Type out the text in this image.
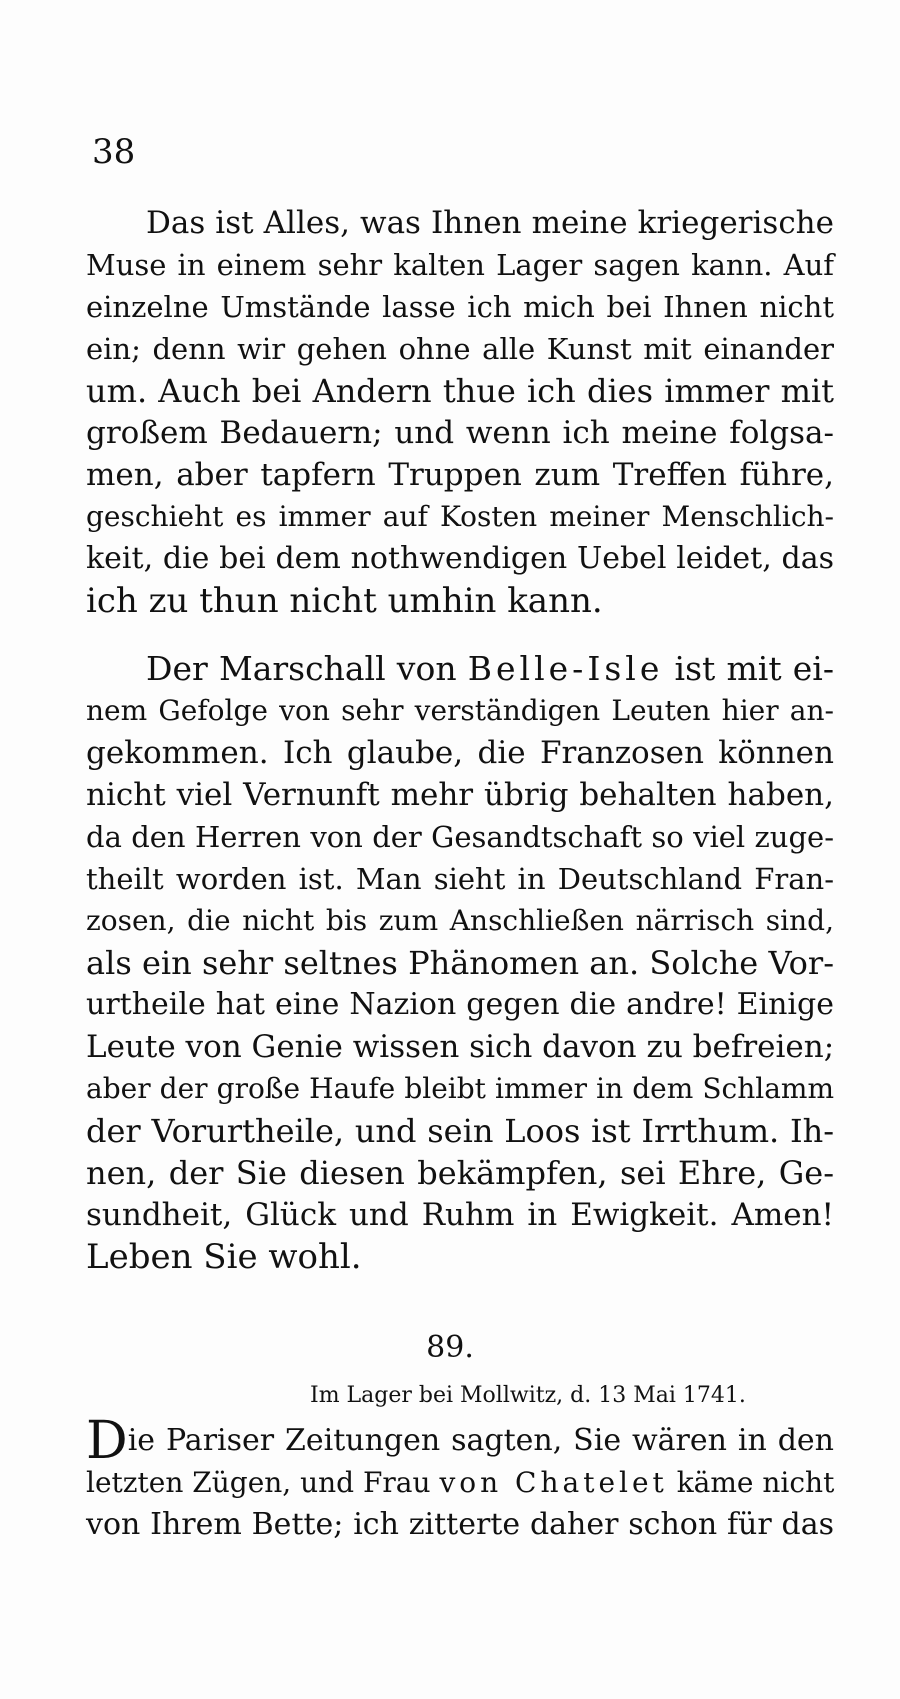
38
Das ist Alles, was Ihnen meine kriegerische
Muse in einem sehr kalten Lager sagen kann. Auf
einzelne Umstände lasse ich mich bei Ihnen nicht
ein; denn wir gehen ohne alle Kunst mit einander
um. Auch bei Andern thue ich dies immer mit
großem Bedauern; und wenn ich meine folgsa-
men, aber tapfern Truppen zum Treffen führe,
geschieht es immer auf Kosten meiner Menschlich-
keit, die bei dem nothwendigen Uebel leidet, das
ich zu thun nicht umhin kann.
Der Marschall von Belle-Isle ist mit ei-
nem Gefolge von sehr verständigen Leuten hier an-
gekommen. Ich glaube, die Franzosen können
nicht viel Vernunft mehr übrig behalten haben,
da den Herren von der Gesandtschaft so viel zuge-
theilt worden ist. Man sieht in Deutschland Fran-
zosen, die nicht bis zum Anschließen närrisch sind,
als ein sehr seltnes Phänomen an. Solche Vor-
urtheile hat eine Nazion gegen die andre! Einige
Leute von Genie wissen sich davon zu befreien;
aber der große Haufe bleibt immer in dem Schlamm
der Vorurtheile, und sein Loos ist Irrthum. Ih-
nen, der Sie diesen bekämpfen, sei Ehre, Ge-
sundheit, Glück und Ruhm in Ewigkeit. Amen!
Leben Sie wohl.
89.
Im Lager bei Mollwitz, d. 13 Mai 1741.
Die Pariser Zeitungen sagten, Sie wären in den
letzten Zügen, und Frau von Chatelet käme nicht
von Ihrem Bette; ich zitterte daher schon für das
